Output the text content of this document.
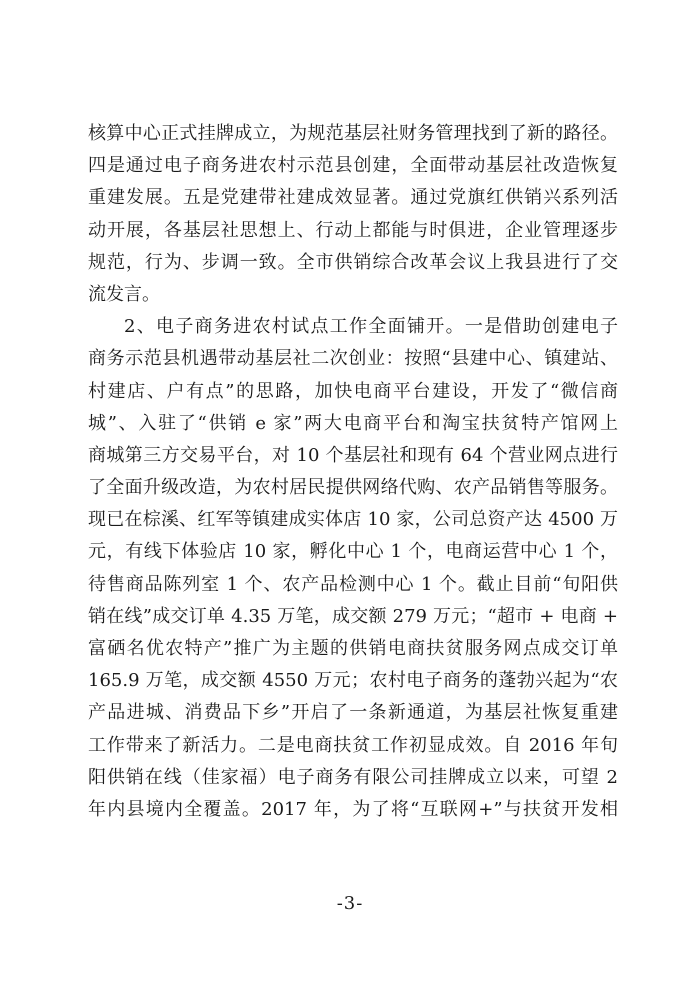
核算中心正式挂牌成立，为规范基层社财务管理找到了新的路径。
四是通过电子商务进农村示范县创建，全面带动基层社改造恢复
重建发展。五是党建带社建成效显著。通过党旗红供销兴系列活
动开展，各基层社思想上、行动上都能与时俱进，企业管理逐步
规范，行为、步调一致。全市供销综合改革会议上我县进行了交
流发言。
2、电子商务进农村试点工作全面铺开。一是借助创建电子
商务示范县机遇带动基层社二次创业：按照“县建中心、镇建站、
村建店、户有点”的思路，加快电商平台建设，开发了“微信商
城”、入驻了“供销 e 家”两大电商平台和淘宝扶贫特产馆网上
商城第三方交易平台，对 10 个基层社和现有 64 个营业网点进行
了全面升级改造，为农村居民提供网络代购、农产品销售等服务。
现已在棕溪、红军等镇建成实体店 10 家，公司总资产达 4500 万
元，有线下体验店 10 家，孵化中心 1 个，电商运营中心 1 个，
待售商品陈列室 1 个、农产品检测中心 1 个。截止目前“旬阳供
销在线”成交订单 4.35 万笔，成交额 279 万元；“超市 + 电商 +
富硒名优农特产”推广为主题的供销电商扶贫服务网点成交订单
165.9 万笔，成交额 4550 万元；农村电子商务的蓬勃兴起为“农
产品进城、消费品下乡”开启了一条新通道，为基层社恢复重建
工作带来了新活力。二是电商扶贫工作初显成效。自 2016 年旬
阳供销在线（佳家福）电子商务有限公司挂牌成立以来，可望 2
年内县境内全覆盖。2017 年，为了将“互联网+”与扶贫开发相
-3-
